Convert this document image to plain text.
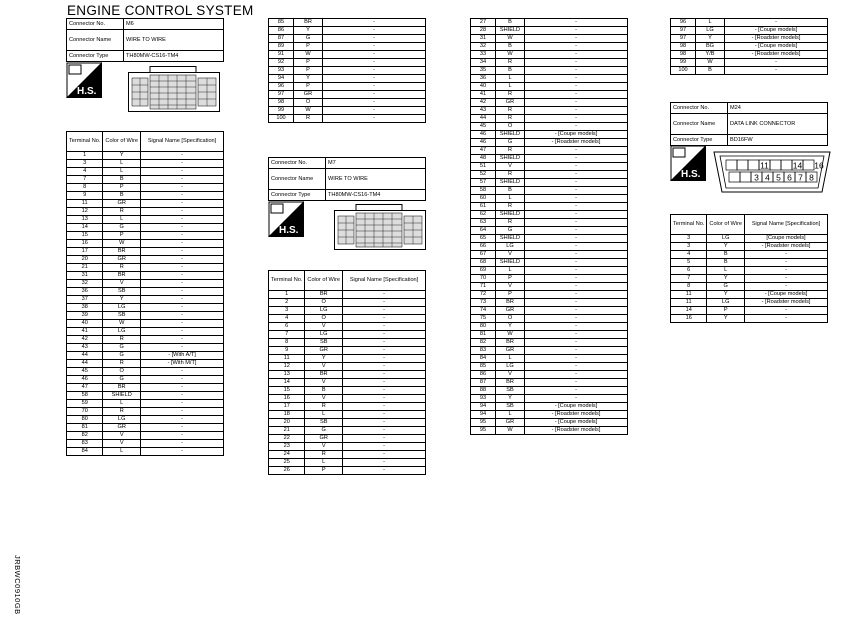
ENGINE CONTROL SYSTEM
JRBWC0910GB
Connector No.	M6
Connector Name	WIRE TO WIRE
Connector Type	TH80MW-CS16-TM4
H.S.
Connector No.	M7
Connector Name	WIRE TO WIRE
Connector Type	TH80MW-CS16-TM4
H.S.
Connector No.	M24
Connector Name	DATA LINK CONNECTOR
Connector Type	BD16FW
H.S.
11	14 16
3 4 5 6 7 8
Terminal No.	Color of Wire	Signal Name [Specification]
1	Y	-
3	L	-
4	L	-
7	B	-
8	P	-
9	B	-
11	GR	-
12	R	-
13	L	-
14	G	-
15	P	-
16	W	-
17	BR	-
20	GR	-
21	R	-
31	BR	-
32	V	-
36	SB	-
37	Y	-
38	LG	-
39	SB	-
40	W	-
41	LG	-
42	R	-
43	G	-
44	G	- [With A/T]
44	R	- [With M/T]
45	O	-
46	G	-
47	BR	-
58	SHIELD	-
59	L	-
70	R	-
80	LG	-
81	GR	-
82	V	-
83	V	-
84	L	-
85	BR	-
86	Y	-
87	G	-
89	P	-
91	W	-
92	P	-
93	P	-
94	Y	-
96	P	-
97	GR	-
98	O	-
99	W	-
100	R	-
Terminal No.	Color of Wire	Signal Name [Specification]
1	BR	-
2	O	-
3	LG	-
4	O	-
6	V	-
7	LG	-
8	SB	-
9	GR	-
11	Y	-
12	V	-
13	BR	-
14	V	-
15	B	-
16	V	-
17	R	-
18	L	-
20	SB	-
21	G	-
22	GR	-
23	V	-
24	R	-
25	L	-
26	P	-
27	B	-
28	SHIELD	-
31	W	-
32	B	-
33	W	-
34	R	-
35	B	-
36	L	-
40	L	-
41	R	-
42	GR	-
43	R	-
44	R	-
45	O	-
46	SHIELD	- [Coupe models]
46	G	- [Roadster models]
47	R	-
48	SHIELD	-
51	V	-
52	R	-
57	SHIELD	-
58	B	-
60	L	-
61	R	-
62	SHIELD	-
63	R	-
64	G	-
65	SHIELD	-
66	LG	-
67	V	-
68	SHIELD	-
69	L	-
70	P	-
71	V	-
72	P	-
73	BR	-
74	GR	-
75	O	-
80	Y	-
81	W	-
82	BR	-
83	GR	-
84	L	-
85	LG	-
86	V	-
87	BR	-
88	SB	-
93	Y	-
94	SB	- [Coupe models]
94	L	- [Roadster models]
95	GR	- [Coupe models]
95	W	- [Roadster models]
96	L	-
97	LG	- [Coupe models]
97	Y	- [Roadster models]
98	BG	- [Coupe models]
98	Y/B	- [Roadster models]
99	W	-
100	B	-
Terminal No.	Color of Wire	Signal Name [Specification]
3	LG	[Coupe models]
3	Y	- [Roadster models]
4	B	-
5	B	-
6	L	-
7	Y	-
8	G	-
11	Y	- [Coupe models]
11	LG	- [Roadster models]
14	P	-
16	Y	-
